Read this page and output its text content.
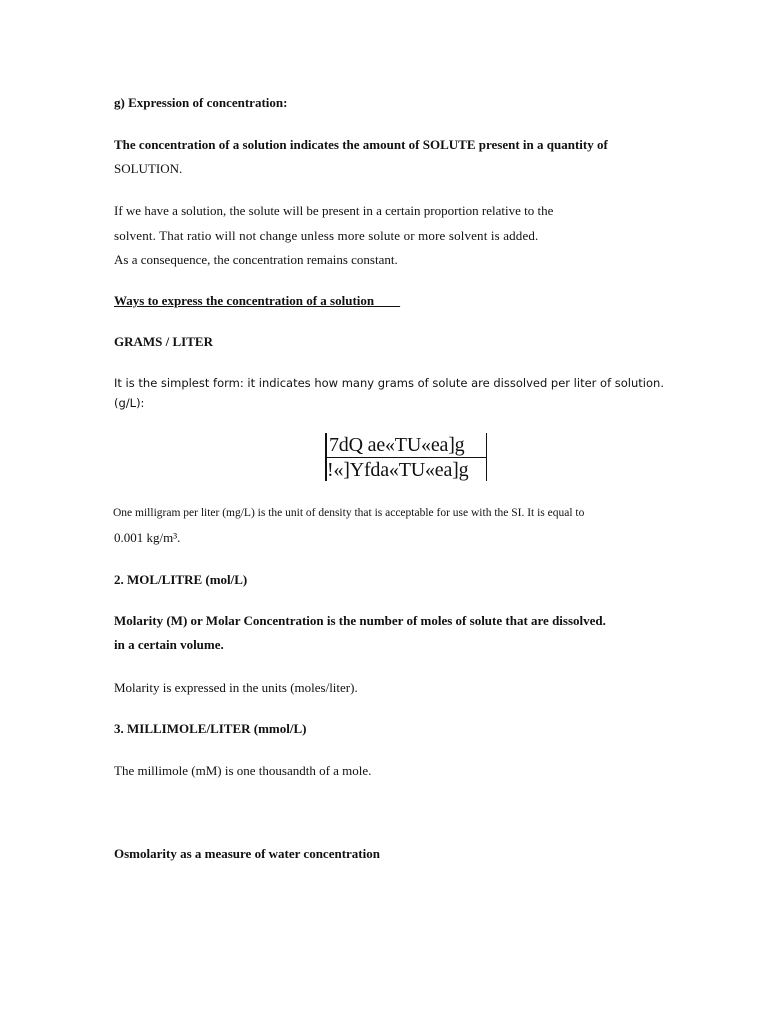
g) Expression of concentration:
The concentration of a solution indicates the amount of SOLUTE present in a quantity of
SOLUTION.
If we have a solution, the solute will be present in a certain proportion relative to the
solvent. That ratio will not change unless more solute or more solvent is added.
As a consequence, the concentration remains constant.
Ways to express the concentration of a solution
GRAMS / LITER
It is the simplest form: it indicates how many grams of solute are dissolved per liter of solution.
(g/L):
7dQ ae«TU«ea]g
!«]Yfda«TU«ea]g
One milligram per liter (mg/L) is the unit of density that is acceptable for use with the SI. It is equal to
0.001 kg/m³.
2. MOL/LITRE (mol/L)
Molarity (M) or Molar Concentration is the number of moles of solute that are dissolved.
in a certain volume.
Molarity is expressed in the units (moles/liter).
3. MILLIMOLE/LITER (mmol/L)
The millimole (mM) is one thousandth of a mole.
Osmolarity as a measure of water concentration
